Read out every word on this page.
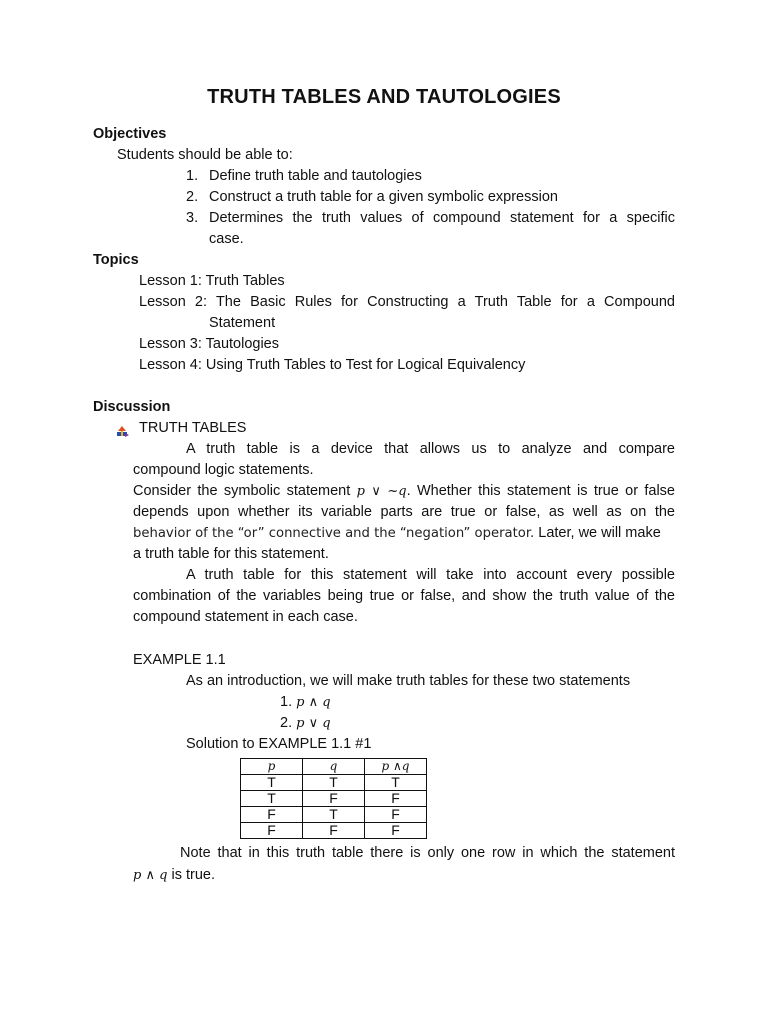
TRUTH TABLES AND TAUTOLOGIES
Objectives
Students should be able to:
1. Define truth table and tautologies
2. Construct a truth table for a given symbolic expression
3. Determines the truth values of compound statement for a specific
case.
Topics
Lesson 1: Truth Tables
Lesson 2: The Basic Rules for Constructing a Truth Table for a Compound
Statement
Lesson 3: Tautologies
Lesson 4: Using Truth Tables to Test for Logical Equivalency
Discussion
TRUTH TABLES
A truth table is a device that allows us to analyze and compare
compound logic statements.
Consider the symbolic statement p ∨ ~q. Whether this statement is true or false
depends upon whether its variable parts are true or false, as well as on the
behavior of the “or” connective and the “negation” operator. Later, we will make
a truth table for this statement.
A truth table for this statement will take into account every possible
combination of the variables being true or false, and show the truth value of the
compound statement in each case.
EXAMPLE 1.1
As an introduction, we will make truth tables for these two statements
1. p ∧ q
2. p ∨ q
Solution to EXAMPLE 1.1 #1
p	q	p ∧q
T	T	T
T	F	F
F	T	F
F	F	F
Note that in this truth table there is only one row in which the statement
p ∧ q is true.
